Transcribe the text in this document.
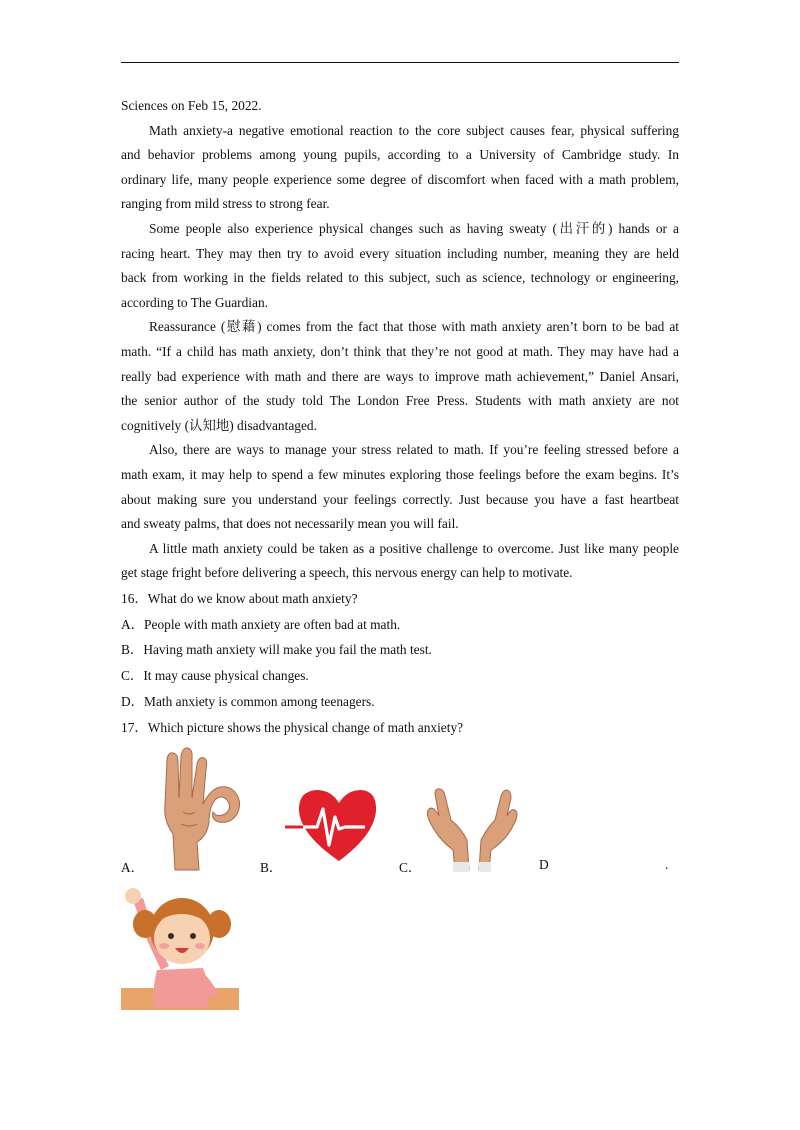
Sciences on Feb 15, 2022.
Math anxiety-a negative emotional reaction to the core subject causes fear, physical suffering
and behavior problems among young pupils, according to a University of Cambridge study. In
ordinary life, many people experience some degree of discomfort when faced with a math problem,
ranging from mild stress to strong fear.
Some people also experience physical changes such as having sweaty (出汗的) hands or a
racing heart. They may then try to avoid every situation including number, meaning they are held
back from working in the fields related to this subject, such as science, technology or engineering,
according to The Guardian.
Reassurance (慰藉) comes from the fact that those with math anxiety aren’t born to be bad at
math. “If a child has math anxiety, don’t think that they’re not good at math. They may have had a
really bad experience with math and there are ways to improve math achievement,” Daniel Ansari,
the senior author of the study told The London Free Press. Students with math anxiety are not
cognitively (认知地) disadvantaged.
Also, there are ways to manage your stress related to math. If you’re feeling stressed before a
math exam, it may help to spend a few minutes exploring those feelings before the exam begins. It’s
about making sure you understand your feelings correctly. Just because you have a fast heartbeat
and sweaty palms, that does not necessarily mean you will fail.
A little math anxiety could be taken as a positive challenge to overcome. Just like many people
get stage fright before delivering a speech, this nervous energy can help to motivate.
16．What do we know about math anxiety?
A．People with math anxiety are often bad at math.
B．Having math anxiety will make you fail the math test.
C．It may cause physical changes.
D．Math anxiety is common among teenagers.
17．Which picture shows the physical change of math anxiety?
A．	B．	C．	D	.
